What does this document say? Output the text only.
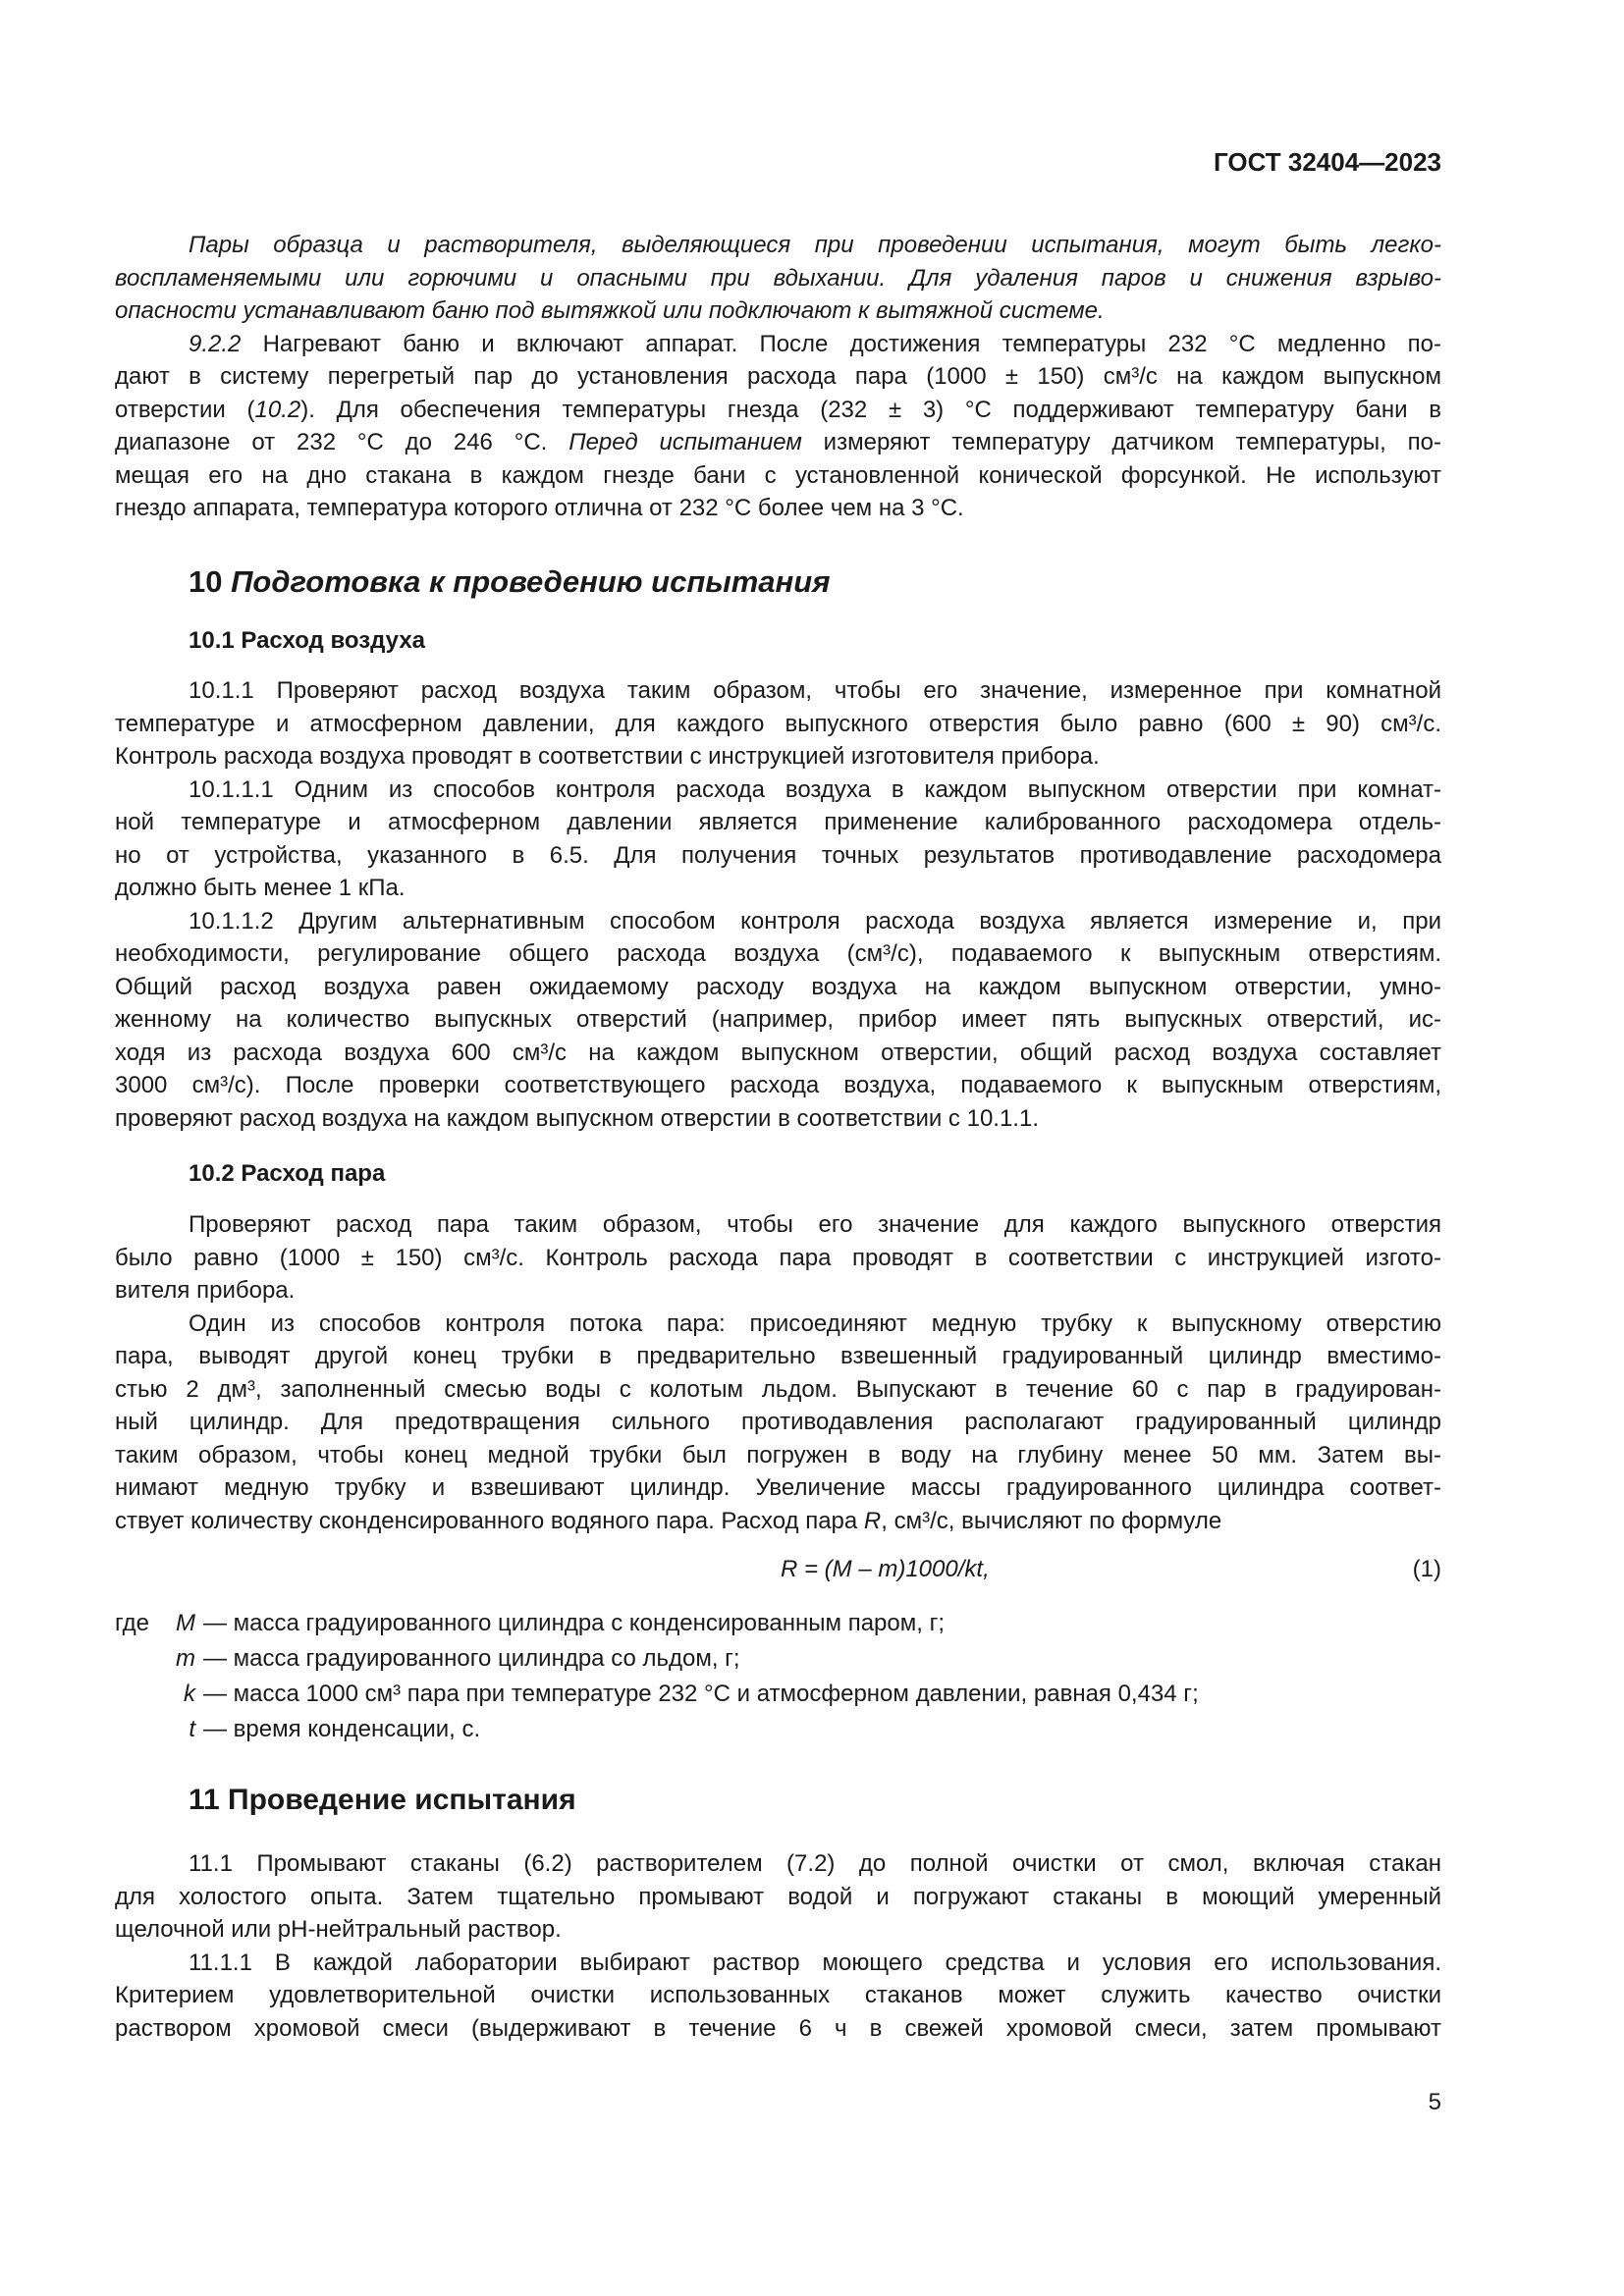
ГОСТ 32404—2023
Пары образца и растворителя, выделяющиеся при проведении испытания, могут быть легко-
воспламеняемыми или горючими и опасными при вдыхании. Для удаления паров и снижения взрыво-
опасности устанавливают баню под вытяжкой или подключают к вытяжной системе.
9.2.2 Нагревают баню и включают аппарат. После достижения температуры 232 °С медленно по-
дают в систему перегретый пар до установления расхода пара (1000 ± 150) см³/с на каждом выпускном
отверстии (10.2). Для обеспечения температуры гнезда (232 ± 3) °С поддерживают температуру бани в
диапазоне от 232 °С до 246 °С. Перед испытанием измеряют температуру датчиком температуры, по-
мещая его на дно стакана в каждом гнезде бани с установленной конической форсункой. Не используют
гнездо аппарата, температура которого отлична от 232 °С более чем на 3 °С.
10 Подготовка к проведению испытания
10.1 Расход воздуха
10.1.1 Проверяют расход воздуха таким образом, чтобы его значение, измеренное при комнатной
температуре и атмосферном давлении, для каждого выпускного отверстия было равно (600 ± 90) см³/с.
Контроль расхода воздуха проводят в соответствии с инструкцией изготовителя прибора.
10.1.1.1 Одним из способов контроля расхода воздуха в каждом выпускном отверстии при комнат-
ной температуре и атмосферном давлении является применение калиброванного расходомера отдель-
но от устройства, указанного в 6.5. Для получения точных результатов противодавление расходомера
должно быть менее 1 кПа.
10.1.1.2 Другим альтернативным способом контроля расхода воздуха является измерение и, при
необходимости, регулирование общего расхода воздуха (см³/с), подаваемого к выпускным отверстиям.
Общий расход воздуха равен ожидаемому расходу воздуха на каждом выпускном отверстии, умно-
женному на количество выпускных отверстий (например, прибор имеет пять выпускных отверстий, ис-
ходя из расхода воздуха 600 см³/с на каждом выпускном отверстии, общий расход воздуха составляет
3000 см³/с). После проверки соответствующего расхода воздуха, подаваемого к выпускным отверстиям,
проверяют расход воздуха на каждом выпускном отверстии в соответствии с 10.1.1.
10.2 Расход пара
Проверяют расход пара таким образом, чтобы его значение для каждого выпускного отверстия
было равно (1000 ± 150) см³/с. Контроль расхода пара проводят в соответствии с инструкцией изгото-
вителя прибора.
Один из способов контроля потока пара: присоединяют медную трубку к выпускному отверстию
пара, выводят другой конец трубки в предварительно взвешенный градуированный цилиндр вместимо-
стью 2 дм³, заполненный смесью воды с колотым льдом. Выпускают в течение 60 с пар в градуирован-
ный цилиндр. Для предотвращения сильного противодавления располагают градуированный цилиндр
таким образом, чтобы конец медной трубки был погружен в воду на глубину менее 50 мм. Затем вы-
нимают медную трубку и взвешивают цилиндр. Увеличение массы градуированного цилиндра соответ-
ствует количеству сконденсированного водяного пара. Расход пара R, см³/с, вычисляют по формуле
R = (M – m)1000/kt,	(1)
где M — масса градуированного цилиндра с конденсированным паром, г;
m — масса градуированного цилиндра со льдом, г;
k — масса 1000 см³ пара при температуре 232 °С и атмосферном давлении, равная 0,434 г;
t — время конденсации, с.
11 Проведение испытания
11.1 Промывают стаканы (6.2) растворителем (7.2) до полной очистки от смол, включая стакан
для холостого опыта. Затем тщательно промывают водой и погружают стаканы в моющий умеренный
щелочной или pH-нейтральный раствор.
11.1.1 В каждой лаборатории выбирают раствор моющего средства и условия его использования.
Критерием удовлетворительной очистки использованных стаканов может служить качество очистки
раствором хромовой смеси (выдерживают в течение 6 ч в свежей хромовой смеси, затем промывают
5
